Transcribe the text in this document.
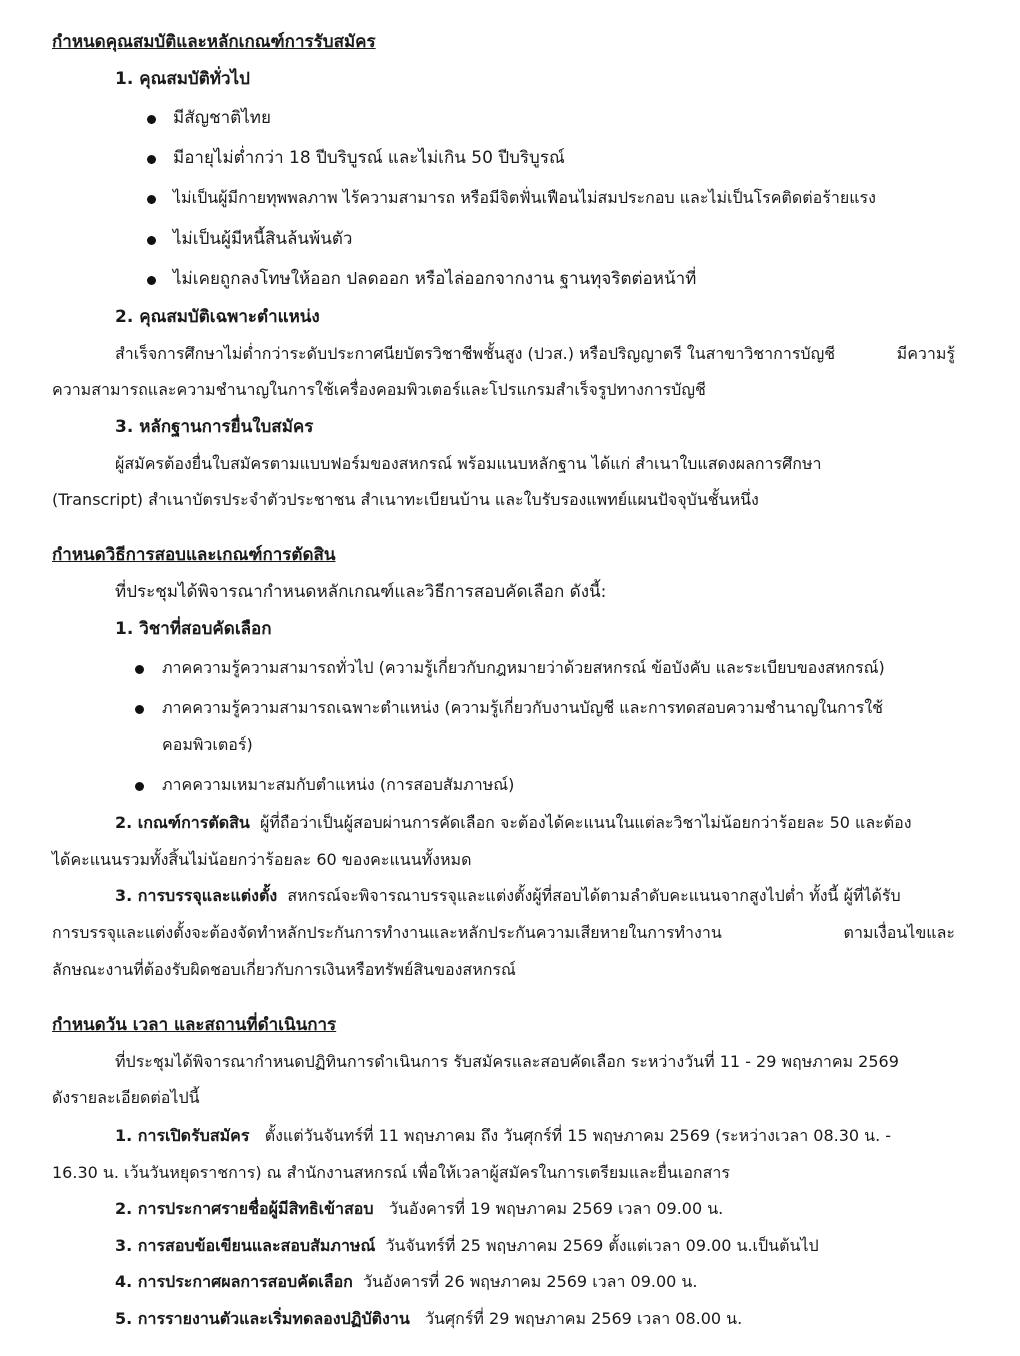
กำหนดคุณสมบัติและหลักเกณฑ์การรับสมัคร
1. คุณสมบัติทั่วไป
มีสัญชาติไทย
มีอายุไม่ต่ำกว่า 18 ปีบริบูรณ์ และไม่เกิน 50 ปีบริบูรณ์
ไม่เป็นผู้มีกายทุพพลภาพ ไร้ความสามารถ หรือมีจิตฟั่นเฟือนไม่สมประกอบ และไม่เป็นโรคติดต่อร้ายแรง
ไม่เป็นผู้มีหนี้สินล้นพ้นตัว
ไม่เคยถูกลงโทษให้ออก ปลดออก หรือไล่ออกจากงาน ฐานทุจริตต่อหน้าที่
2. คุณสมบัติเฉพาะตำแหน่ง
สำเร็จการศึกษาไม่ต่ำกว่าระดับประกาศนียบัตรวิชาชีพชั้นสูง (ปวส.) หรือปริญญาตรี ในสาขาวิชาการบัญชี	มีความรู้
ความสามารถและความชำนาญในการใช้เครื่องคอมพิวเตอร์และโปรแกรมสำเร็จรูปทางการบัญชี
3. หลักฐานการยื่นใบสมัคร
ผู้สมัครต้องยื่นใบสมัครตามแบบฟอร์มของสหกรณ์ พร้อมแนบหลักฐาน ได้แก่ สำเนาใบแสดงผลการศึกษา
(Transcript) สำเนาบัตรประจำตัวประชาชน สำเนาทะเบียนบ้าน และใบรับรองแพทย์แผนปัจจุบันชั้นหนึ่ง
กำหนดวิธีการสอบและเกณฑ์การตัดสิน
ที่ประชุมได้พิจารณากำหนดหลักเกณฑ์และวิธีการสอบคัดเลือก ดังนี้:
1. วิชาที่สอบคัดเลือก
ภาคความรู้ความสามารถทั่วไป (ความรู้เกี่ยวกับกฎหมายว่าด้วยสหกรณ์ ข้อบังคับ และระเบียบของสหกรณ์)
ภาคความรู้ความสามารถเฉพาะตำแหน่ง (ความรู้เกี่ยวกับงานบัญชี และการทดสอบความชำนาญในการใช้
คอมพิวเตอร์)
ภาคความเหมาะสมกับตำแหน่ง (การสอบสัมภาษณ์)
2. เกณฑ์การตัดสิน ผู้ที่ถือว่าเป็นผู้สอบผ่านการคัดเลือก จะต้องได้คะแนนในแต่ละวิชาไม่น้อยกว่าร้อยละ 50 และต้อง
ได้คะแนนรวมทั้งสิ้นไม่น้อยกว่าร้อยละ 60 ของคะแนนทั้งหมด
3. การบรรจุและแต่งตั้ง สหกรณ์จะพิจารณาบรรจุและแต่งตั้งผู้ที่สอบได้ตามลำดับคะแนนจากสูงไปต่ำ ทั้งนี้ ผู้ที่ได้รับ
การบรรจุและแต่งตั้งจะต้องจัดทำหลักประกันการทำงานและหลักประกันความเสียหายในการทำงาน	ตามเงื่อนไขและ
ลักษณะงานที่ต้องรับผิดชอบเกี่ยวกับการเงินหรือทรัพย์สินของสหกรณ์
กำหนดวัน เวลา และสถานที่ดำเนินการ
ที่ประชุมได้พิจารณากำหนดปฏิทินการดำเนินการ รับสมัครและสอบคัดเลือก ระหว่างวันที่ 11 - 29 พฤษภาคม 2569
ดังรายละเอียดต่อไปนี้
1. การเปิดรับสมัคร ตั้งแต่วันจันทร์ที่ 11 พฤษภาคม ถึง วันศุกร์ที่ 15 พฤษภาคม 2569 (ระหว่างเวลา 08.30 น. -
16.30 น. เว้นวันหยุดราชการ) ณ สำนักงานสหกรณ์ เพื่อให้เวลาผู้สมัครในการเตรียมและยื่นเอกสาร
2. การประกาศรายชื่อผู้มีสิทธิเข้าสอบ วันอังคารที่ 19 พฤษภาคม 2569 เวลา 09.00 น.
3. การสอบข้อเขียนและสอบสัมภาษณ์ วันจันทร์ที่ 25 พฤษภาคม 2569 ตั้งแต่เวลา 09.00 น.เป็นต้นไป
4. การประกาศผลการสอบคัดเลือก วันอังคารที่ 26 พฤษภาคม 2569 เวลา 09.00 น.
5. การรายงานตัวและเริ่มทดลองปฏิบัติงาน วันศุกร์ที่ 29 พฤษภาคม 2569 เวลา 08.00 น.
